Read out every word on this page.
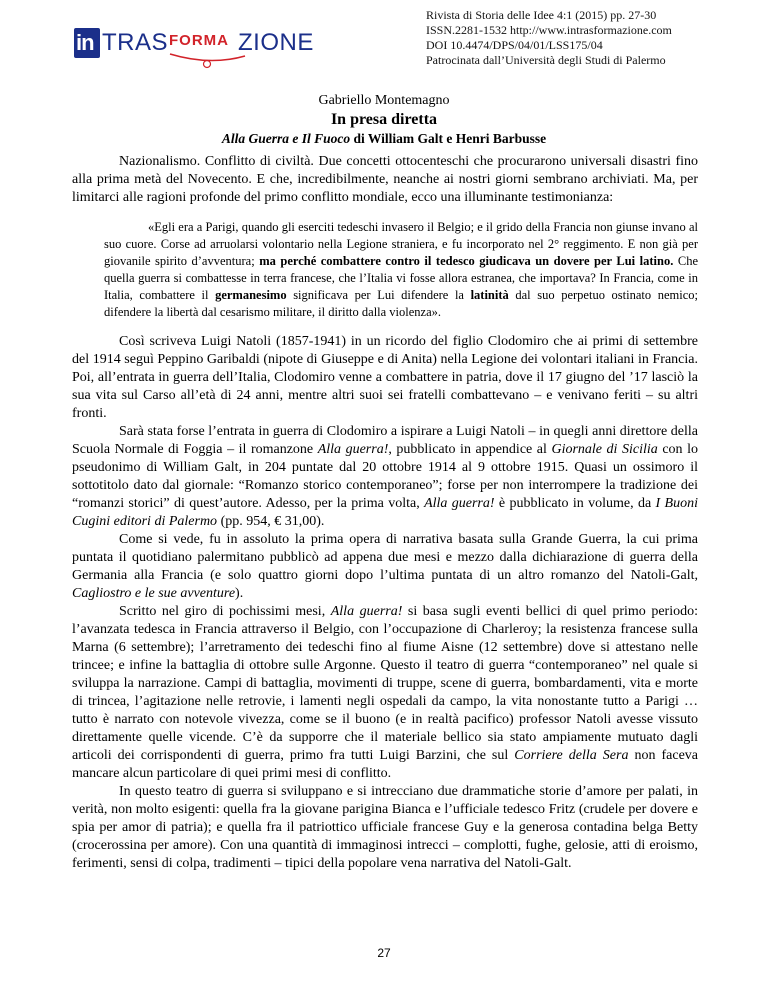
in TRAS FORMA ZIONE
Rivista di Storia delle Idee 4:1 (2015) pp. 27-30
ISSN.2281-1532 http://www.intrasformazione.com
DOI 10.4474/DPS/04/01/LSS175/04
Patrocinata dall’Università degli Studi di Palermo
Gabriello Montemagno
In presa diretta
Alla Guerra e Il Fuoco di William Galt e Henri Barbusse

Nazionalismo. Conflitto di civiltà. Due concetti ottocenteschi che procurarono universali disastri fino alla prima metà del Novecento. E che, incredibilmente, neanche ai nostri giorni sembrano archiviati. Ma, per limitarci alle ragioni profonde del primo conflitto mondiale, ecco una illuminante testimonianza:

«Egli era a Parigi, quando gli eserciti tedeschi invasero il Belgio; e il grido della Francia non giunse invano al suo cuore. Corse ad arruolarsi volontario nella Legione straniera, e fu incorporato nel 2° reggimento. E non già per giovanile spirito d’avventura; ma perché combattere contro il tedesco giudicava un dovere per Lui latino. Che quella guerra si combattesse in terra francese, che l’Italia vi fosse allora estranea, che importava? In Francia, come in Italia, combattere il germanesimo significava per Lui difendere la latinità dal suo perpetuo ostinato nemico; difendere la libertà dal cesarismo militare, il diritto dalla violenza».

Così scriveva Luigi Natoli (1857-1941) in un ricordo del figlio Clodomiro che ai primi di settembre del 1914 seguì Peppino Garibaldi (nipote di Giuseppe e di Anita) nella Legione dei volontari italiani in Francia. Poi, all’entrata in guerra dell’Italia, Clodomiro venne a combattere in patria, dove il 17 giugno del ’17 lasciò la sua vita sul Carso all’età di 24 anni, mentre altri suoi sei fratelli combattevano – e venivano feriti – su altri fronti.

Sarà stata forse l’entrata in guerra di Clodomiro a ispirare a Luigi Natoli – in quegli anni direttore della Scuola Normale di Foggia – il romanzone Alla guerra!, pubblicato in appendice al Giornale di Sicilia con lo pseudonimo di William Galt, in 204 puntate dal 20 ottobre 1914 al 9 ottobre 1915. Quasi un ossimoro il sottotitolo dato dal giornale: “Romanzo storico contemporaneo”; forse per non interrompere la tradizione dei “romanzi storici” di quest’autore. Adesso, per la prima volta, Alla guerra! è pubblicato in volume, da I Buoni Cugini editori di Palermo (pp. 954, € 31,00).

Come si vede, fu in assoluto la prima opera di narrativa basata sulla Grande Guerra, la cui prima puntata il quotidiano palermitano pubblicò ad appena due mesi e mezzo dalla dichiarazione di guerra della Germania alla Francia (e solo quattro giorni dopo l’ultima puntata di un altro romanzo del Natoli-Galt, Cagliostro e le sue avventure).

Scritto nel giro di pochissimi mesi, Alla guerra! si basa sugli eventi bellici di quel primo periodo: l’avanzata tedesca in Francia attraverso il Belgio, con l’occupazione di Charleroy; la resistenza francese sulla Marna (6 settembre); l’arretramento dei tedeschi fino al fiume Aisne (12 settembre) dove si attestano nelle trincee; e infine la battaglia di ottobre sulle Argonne. Questo il teatro di guerra “contemporaneo” nel quale si sviluppa la narrazione. Campi di battaglia, movimenti di truppe, scene di guerra, bombardamenti, vita e morte di trincea, l’agitazione nelle retrovie, i lamenti negli ospedali da campo, la vita nonostante tutto a Parigi … tutto è narrato con notevole vivezza, come se il buono (e in realtà pacifico) professor Natoli avesse vissuto direttamente quelle vicende. C’è da supporre che il materiale bellico sia stato ampiamente mutuato dagli articoli dei corrispondenti di guerra, primo fra tutti Luigi Barzini, che sul Corriere della Sera non faceva mancare alcun particolare di quei primi mesi di conflitto.

In questo teatro di guerra si sviluppano e si intrecciano due drammatiche storie d’amore per palati, in verità, non molto esigenti: quella fra la giovane parigina Bianca e l’ufficiale tedesco Fritz (crudele per dovere e spia per amor di patria); e quella fra il patriottico ufficiale francese Guy e la generosa contadina belga Betty (crocerossina per amore). Con una quantità di immaginosi intrecci – complotti, fughe, gelosie, atti di eroismo, ferimenti, sensi di colpa, tradimenti – tipici della popolare vena narrativa del Natoli-Galt.

27
